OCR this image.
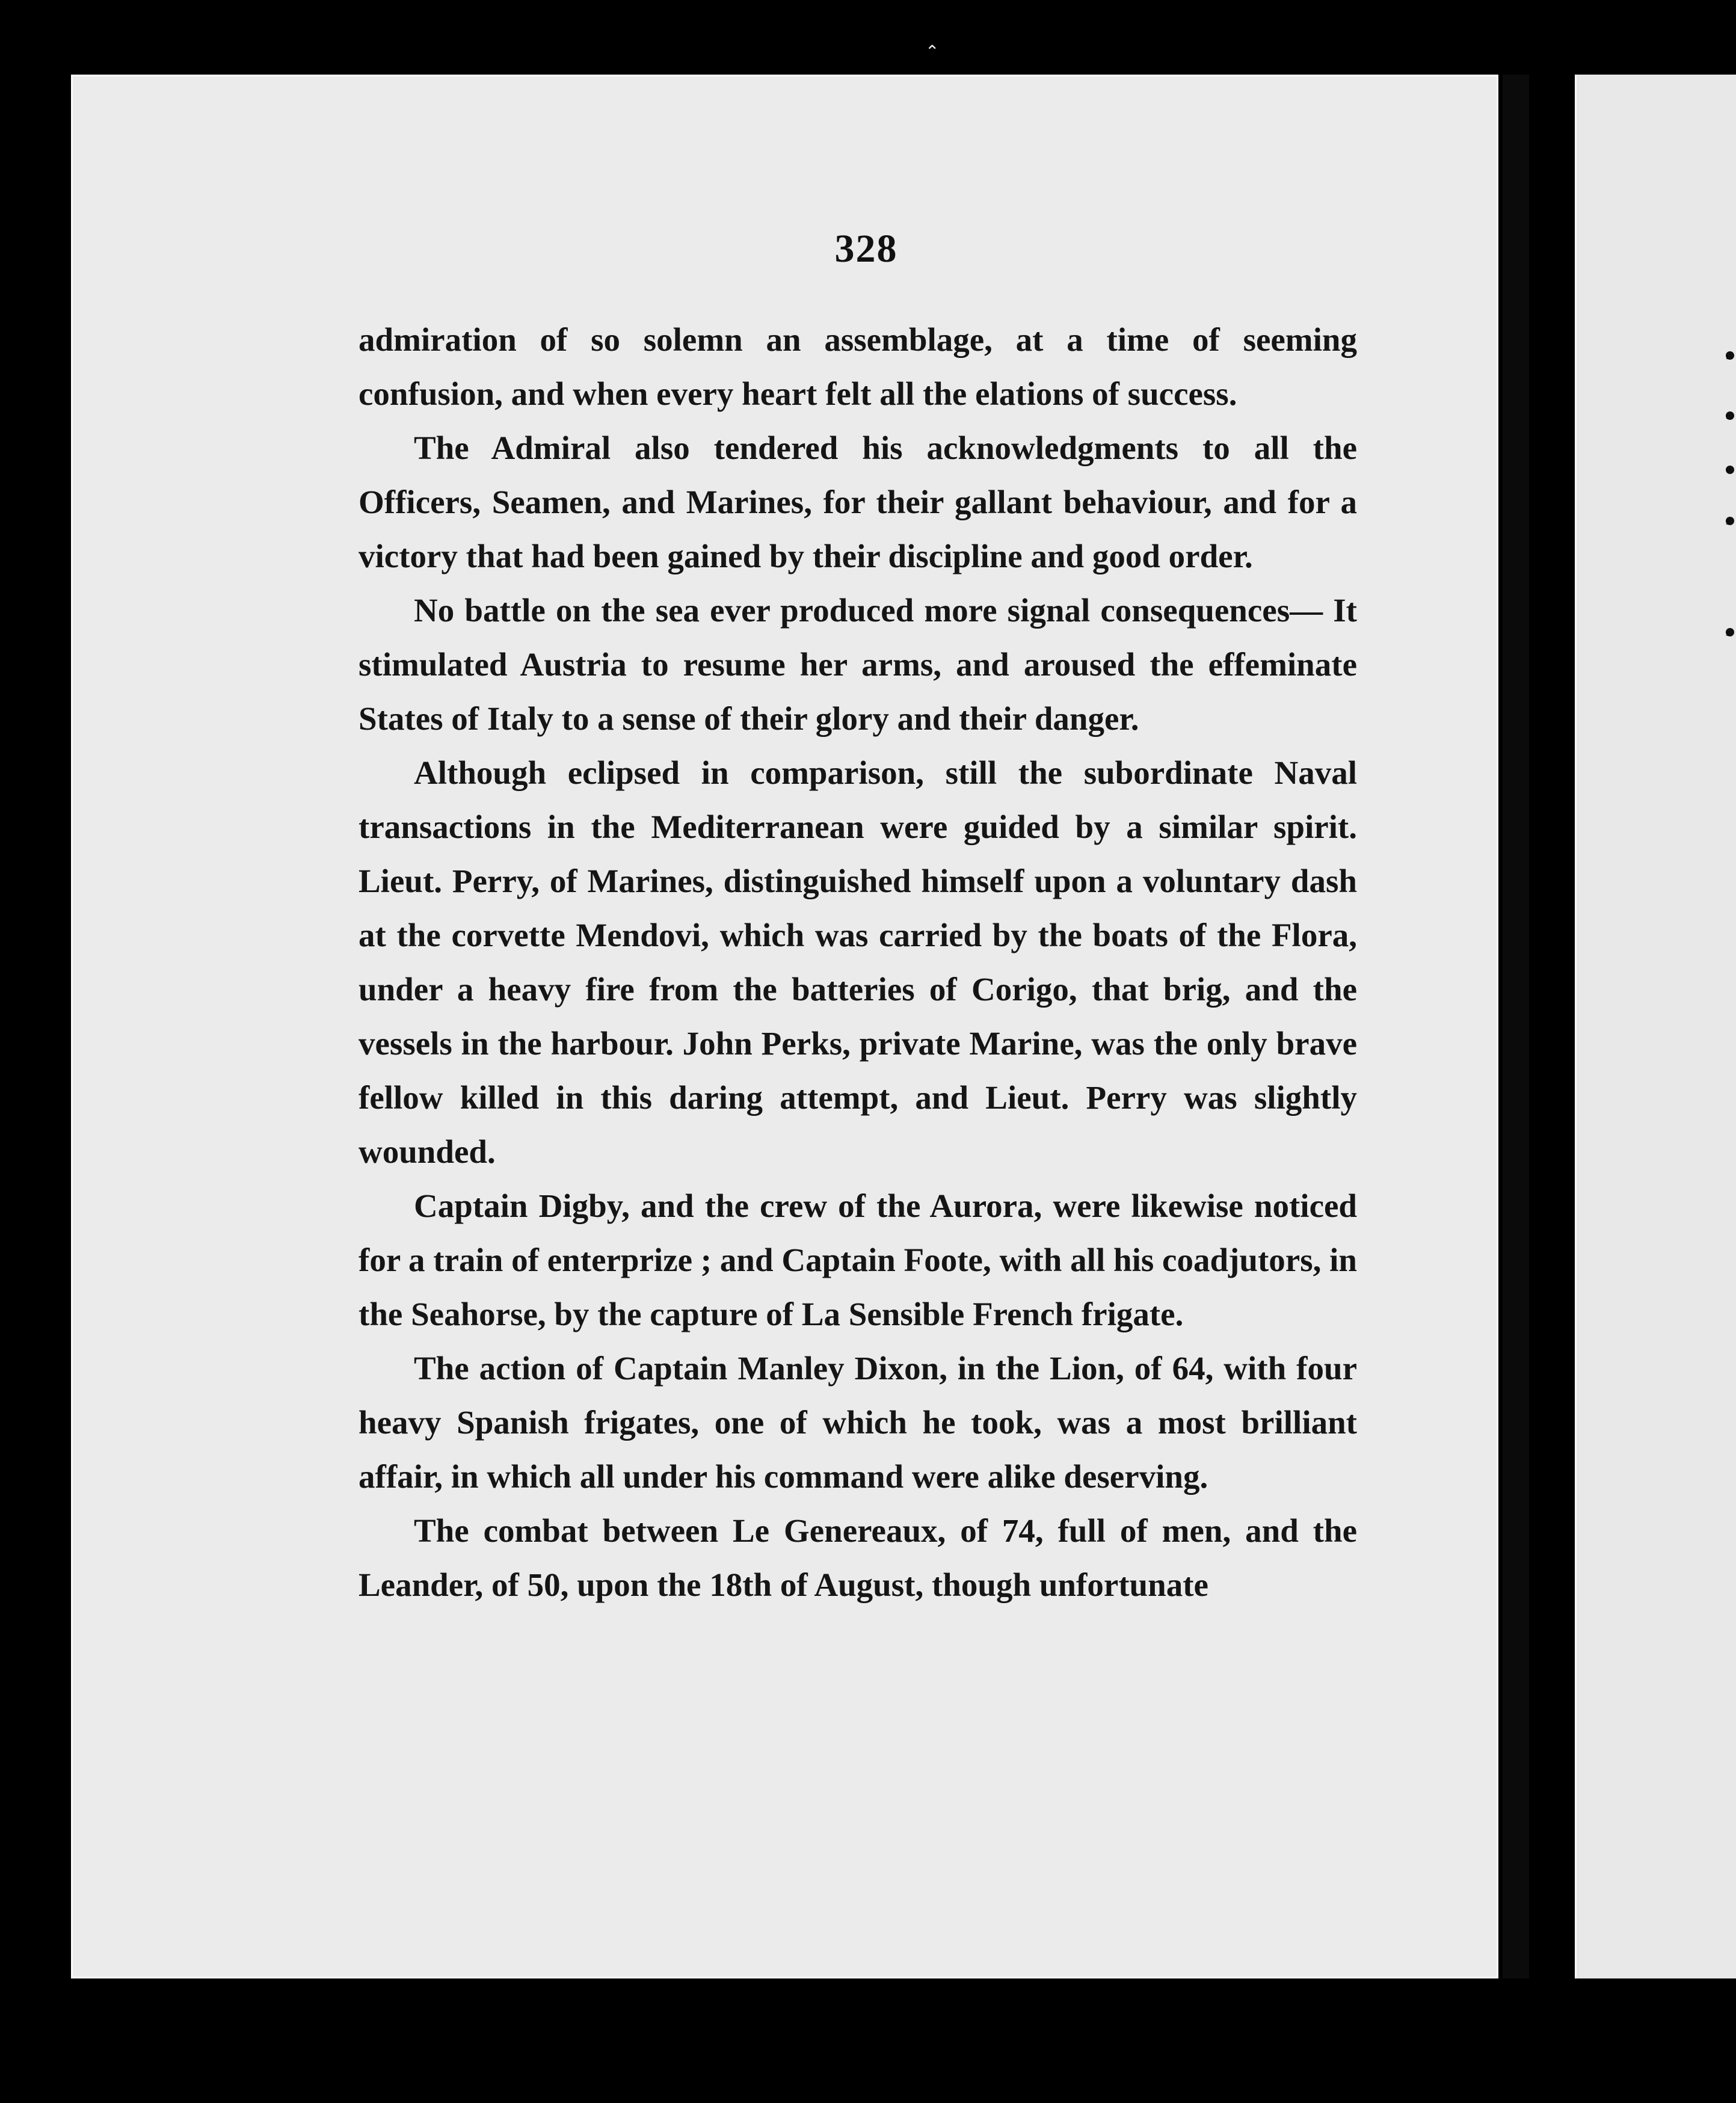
⌃
328

admiration of so solemn an assemblage, at a time of seeming confusion, and when every heart felt all the elations of success.

The Admiral also tendered his acknowledgments to all the Officers, Seamen, and Marines, for their gallant behaviour, and for a victory that had been gained by their discipline and good order.

No battle on the sea ever produced more signal consequences— It stimulated Austria to resume her arms, and aroused the effeminate States of Italy to a sense of their glory and their danger.

Although eclipsed in comparison, still the subordinate Naval transactions in the Mediterranean were guided by a similar spirit. Lieut. Perry, of Marines, distinguished himself upon a voluntary dash at the corvette Mendovi, which was carried by the boats of the Flora, under a heavy fire from the batteries of Corigo, that brig, and the vessels in the harbour. John Perks, private Marine, was the only brave fellow killed in this daring attempt, and Lieut. Perry was slightly wounded.

Captain Digby, and the crew of the Aurora, were likewise noticed for a train of enterprize ; and Captain Foote, with all his coadjutors, in the Seahorse, by the capture of La Sensible French frigate.

The action of Captain Manley Dixon, in the Lion, of 64, with four heavy Spanish frigates, one of which he took, was a most brilliant affair, in which all under his command were alike deserving.

The combat between Le Genereaux, of 74, full of men, and the Leander, of 50, upon the 18th of August, though unfortunate

i
c
v
s
s
